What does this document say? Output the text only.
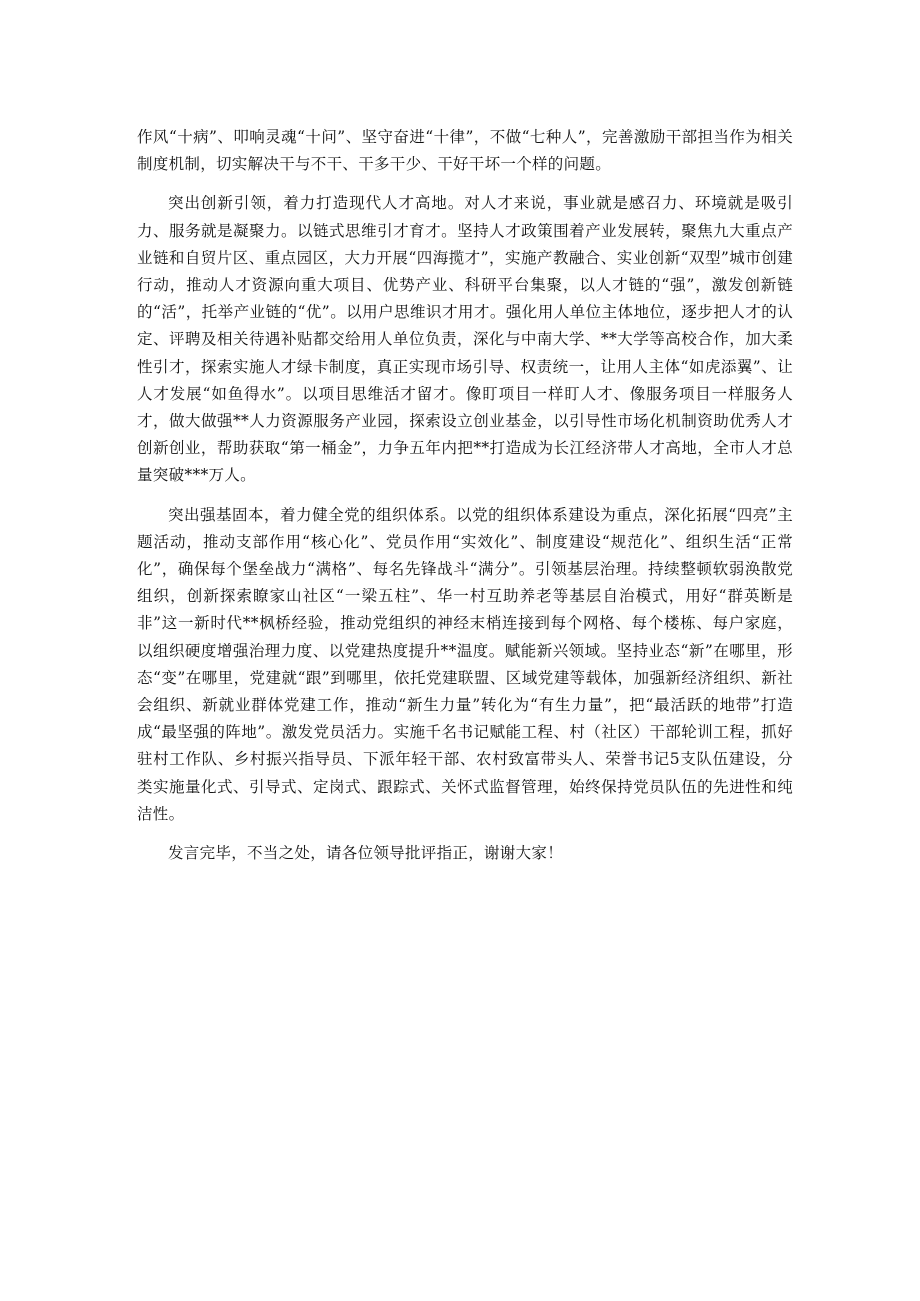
作风“十病”、叩响灵魂“十问”、坚守奋进“十律”，不做“七种人”，完善激励干部担当作为相关制度机制，切实解决干与不干、干多干少、干好干坏一个样的问题。

突出创新引领，着力打造现代人才高地。对人才来说，事业就是感召力、环境就是吸引力、服务就是凝聚力。以链式思维引才育才。坚持人才政策围着产业发展转，聚焦九大重点产业链和自贸片区、重点园区，大力开展“四海揽才”，实施产教融合、实业创新“双型”城市创建行动，推动人才资源向重大项目、优势产业、科研平台集聚，以人才链的“强”，激发创新链的“活”，托举产业链的“优”。以用户思维识才用才。强化用人单位主体地位，逐步把人才的认定、评聘及相关待遇补贴都交给用人单位负责，深化与中南大学、**大学等高校合作，加大柔性引才，探索实施人才绿卡制度，真正实现市场引导、权责统一，让用人主体“如虎添翼”、让人才发展“如鱼得水”。以项目思维活才留才。像盯项目一样盯人才、像服务项目一样服务人才，做大做强**人力资源服务产业园，探索设立创业基金，以引导性市场化机制资助优秀人才创新创业，帮助获取“第一桶金”，力争五年内把**打造成为长江经济带人才高地，全市人才总量突破***万人。

突出强基固本，着力健全党的组织体系。以党的组织体系建设为重点，深化拓展“四亮”主题活动，推动支部作用“核心化”、党员作用“实效化”、制度建设“规范化”、组织生活“正常化”，确保每个堡垒战力“满格”、每名先锋战斗“满分”。引领基层治理。持续整顿软弱涣散党组织，创新探索瞭家山社区“一梁五柱”、华一村互助养老等基层自治模式，用好“群英断是非”这一新时代**枫桥经验，推动党组织的神经末梢连接到每个网格、每个楼栋、每户家庭，以组织硬度增强治理力度、以党建热度提升**温度。赋能新兴领域。坚持业态“新”在哪里，形态“变”在哪里，党建就“跟”到哪里，依托党建联盟、区域党建等载体，加强新经济组织、新社会组织、新就业群体党建工作，推动“新生力量”转化为“有生力量”，把“最活跃的地带”打造成“最坚强的阵地”。激发党员活力。实施千名书记赋能工程、村（社区）干部轮训工程，抓好驻村工作队、乡村振兴指导员、下派年轻干部、农村致富带头人、荣誉书记5支队伍建设，分类实施量化式、引导式、定岗式、跟踪式、关怀式监督管理，始终保持党员队伍的先进性和纯洁性。

发言完毕，不当之处，请各位领导批评指正，谢谢大家！
